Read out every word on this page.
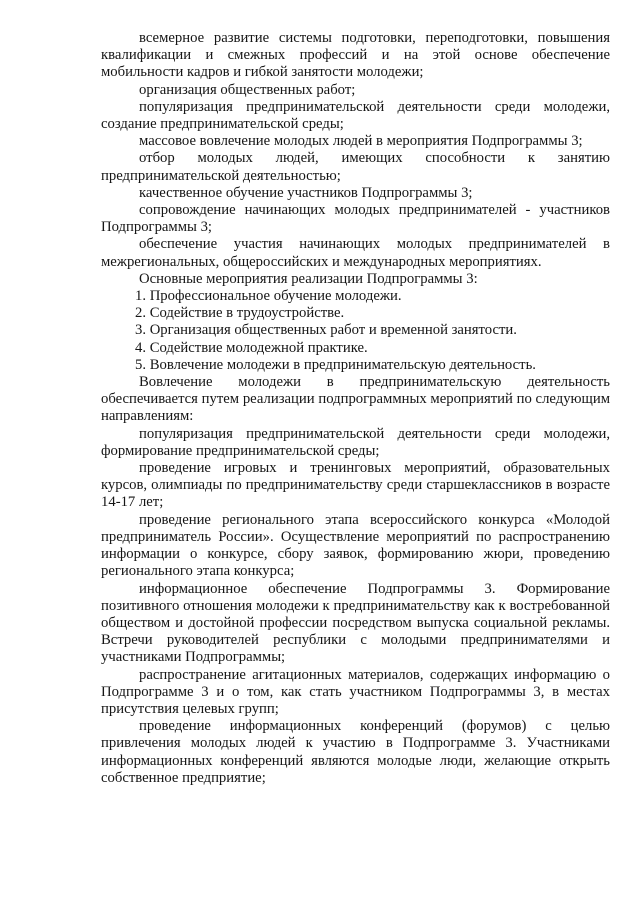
всемерное развитие системы подготовки, переподготовки, повышения квалификации и смежных профессий и на этой основе обеспечение мобильности кадров и гибкой занятости молодежи;

организация общественных работ;

популяризация предпринимательской деятельности среди молодежи, создание предпринимательской среды;

массовое вовлечение молодых людей в мероприятия Подпрограммы 3;

отбор молодых людей, имеющих способности к занятию предпринимательской деятельностью;

качественное обучение участников Подпрограммы 3;

сопровождение начинающих молодых предпринимателей - участников Подпрограммы 3;

обеспечение участия начинающих молодых предпринимателей в межрегиональных, общероссийских и международных мероприятиях.

Основные мероприятия реализации Подпрограммы 3:

1. Профессиональное обучение молодежи.

2. Содействие в трудоустройстве.

3. Организация общественных работ и временной занятости.

4. Содействие молодежной практике.

5. Вовлечение молодежи в предпринимательскую деятельность.

Вовлечение молодежи в предпринимательскую деятельность обеспечивается путем реализации подпрограммных мероприятий по следующим направлениям:

популяризация предпринимательской деятельности среди молодежи, формирование предпринимательской среды;

проведение игровых и тренинговых мероприятий, образовательных курсов, олимпиады по предпринимательству среди старшеклассников в возрасте 14-17 лет;

проведение регионального этапа всероссийского конкурса «Молодой предприниматель России». Осуществление мероприятий по распространению информации о конкурсе, сбору заявок, формированию жюри, проведению регионального этапа конкурса;

информационное обеспечение Подпрограммы 3. Формирование позитивного отношения молодежи к предпринимательству как к востребованной обществом и достойной профессии посредством выпуска социальной рекламы. Встречи руководителей республики с молодыми предпринимателями и участниками Подпрограммы;

распространение агитационных материалов, содержащих информацию о Подпрограмме 3 и о том, как стать участником Подпрограммы 3, в местах присутствия целевых групп;

проведение информационных конференций (форумов) с целью привлечения молодых людей к участию в Подпрограмме 3. Участниками информационных конференций являются молодые люди, желающие открыть собственное предприятие;
